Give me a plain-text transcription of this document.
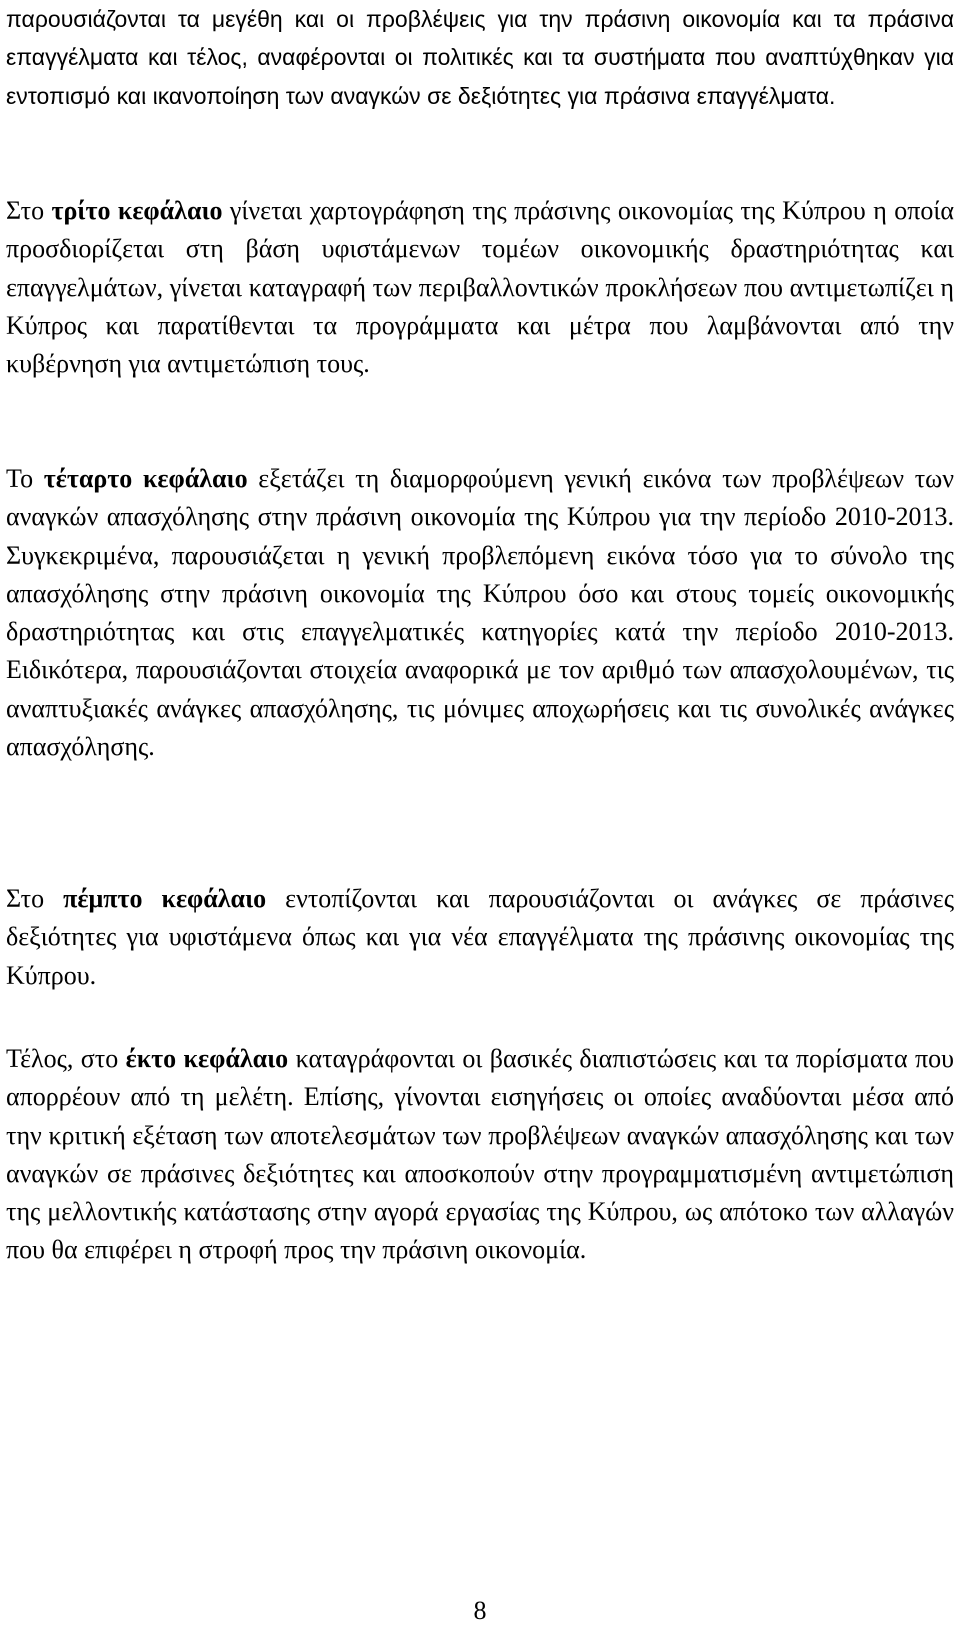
παρουσιάζονται τα μεγέθη και οι προβλέψεις για την πράσινη οικονομία και τα πράσινα επαγγέλματα και τέλος, αναφέρονται οι πολιτικές και τα συστήματα που αναπτύχθηκαν για εντοπισμό και ικανοποίηση των αναγκών σε δεξιότητες για πράσινα επαγγέλματα.

Στο τρίτο κεφάλαιο γίνεται χαρτογράφηση της πράσινης οικονομίας της Κύπρου η οποία προσδιορίζεται στη βάση υφιστάμενων τομέων οικονομικής δραστηριότητας και επαγγελμάτων, γίνεται καταγραφή των περιβαλλοντικών προκλήσεων που αντιμετωπίζει η Κύπρος και παρατίθενται τα προγράμματα και μέτρα που λαμβάνονται από την κυβέρνηση για αντιμετώπιση τους.

Το τέταρτο κεφάλαιο εξετάζει τη διαμορφούμενη γενική εικόνα των προβλέψεων των αναγκών απασχόλησης στην πράσινη οικονομία της Κύπρου για την περίοδο 2010-2013. Συγκεκριμένα, παρουσιάζεται η γενική προβλεπόμενη εικόνα τόσο για το σύνολο της απασχόλησης στην πράσινη οικονομία της Κύπρου όσο και στους τομείς οικονομικής δραστηριότητας και στις επαγγελματικές κατηγορίες κατά την περίοδο 2010-2013. Ειδικότερα, παρουσιάζονται στοιχεία αναφορικά με τον αριθμό των απασχολουμένων, τις αναπτυξιακές ανάγκες απασχόλησης, τις μόνιμες αποχωρήσεις και τις συνολικές ανάγκες απασχόλησης.

Στο πέμπτο κεφάλαιο εντοπίζονται και παρουσιάζονται οι ανάγκες σε πράσινες δεξιότητες για υφιστάμενα όπως και για νέα επαγγέλματα της πράσινης οικονομίας της Κύπρου.

Τέλος, στο έκτο κεφάλαιο καταγράφονται οι βασικές διαπιστώσεις και τα πορίσματα που απορρέουν από τη μελέτη. Επίσης, γίνονται εισηγήσεις οι οποίες αναδύονται μέσα από την κριτική εξέταση των αποτελεσμάτων των προβλέψεων αναγκών απασχόλησης και των αναγκών σε πράσινες δεξιότητες και αποσκοπούν στην προγραμματισμένη αντιμετώπιση της μελλοντικής κατάστασης στην αγορά εργασίας της Κύπρου, ως απότοκο των αλλαγών που θα επιφέρει η στροφή προς την πράσινη οικονομία.

8
